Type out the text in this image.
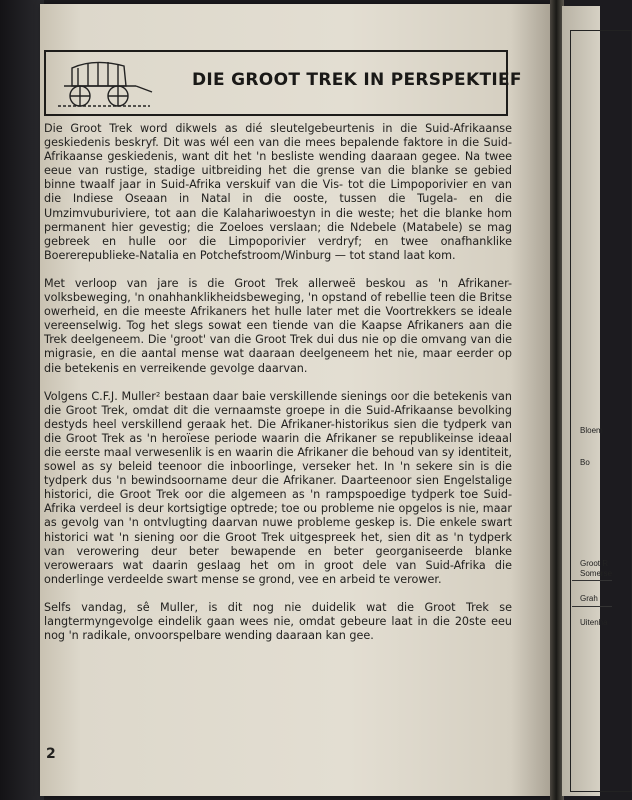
DIE GROOT TREK IN PERSPEKTIEF

Die Groot Trek word dikwels as dié sleutelgebeurtenis in die Suid-Afrikaanse geskiedenis beskryf. Dit was wél een van die mees bepalende faktore in die Suid-Afrikaanse geskiedenis, want dit het 'n besliste wending daaraan gegee. Na twee eeue van rustige, stadige uitbreiding het die grense van die blanke se gebied binne twaalf jaar in Suid-Afrika verskuif van die Vis- tot die Limpoporivier en van die Indiese Oseaan in Natal in die ooste, tussen die Tugela- en die Umzimvuburiviere, tot aan die Kalahariwoestyn in die weste; het die blanke hom permanent hier gevestig; die Zoeloes verslaan; die Ndebele (Matabele) se mag gebreek en hulle oor die Limpoporivier verdryf; en twee onafhanklike Boererepublieke-Natalia en Potchefstroom/Winburg — tot stand laat kom.

Met verloop van jare is die Groot Trek allerweë beskou as 'n Afrikaner-volksbeweging, 'n onahhanklikheidsbeweging, 'n opstand of rebellie teen die Britse owerheid, en die meeste Afrikaners het hulle later met die Voortrekkers se ideale vereenselwig. Tog het slegs sowat een tiende van die Kaapse Afrikaners aan die Trek deelgeneem. Die 'groot' van die Groot Trek dui dus nie op die omvang van die migrasie, en die aantal mense wat daaraan deelgeneem het nie, maar eerder op die betekenis en verreikende gevolge daarvan.

Volgens C.F.J. Muller² bestaan daar baie verskillende sienings oor die betekenis van die Groot Trek, omdat dit die vernaamste groepe in die Suid-Afrikaanse bevolking destyds heel verskillend geraak het. Die Afrikaner-historikus sien die tydperk van die Groot Trek as 'n heroïese periode waarin die Afrikaner se republikeinse ideaal die eerste maal verwesenlik is en waarin die Afrikaner die behoud van sy identiteit, sowel as sy beleid teenoor die inboorlinge, verseker het. In 'n sekere sin is die tydperk dus 'n bewindsoorname deur die Afrikaner. Daarteenoor sien Engelstalige historici, die Groot Trek oor die algemeen as 'n rampspoedige tydperk toe Suid-Afrika verdeel is deur kortsigtige optrede; toe ou probleme nie opgelos is nie, maar as gevolg van 'n ontvlugting daarvan nuwe probleme geskep is. Die enkele swart historici wat 'n siening oor die Groot Trek uitgespreek het, sien dit as 'n tydperk van verowering deur beter bewapende en beter georganiseerde blanke veroweraars wat daarin geslaag het om in groot dele van Suid-Afrika die onderlinge verdeelde swart mense se grond, vee en arbeid te verower.

Selfs vandag, sê Muller, is dit nog nie duidelik wat die Groot Trek se langtermyngevolge eindelik gaan wees nie, omdat gebeure laat in die 20ste eeu nog 'n radikale, onvoorspelbare wending daaraan kan gee.

2
Bloem
Bo
Groot R
Somerse
Grah
Uitenha
